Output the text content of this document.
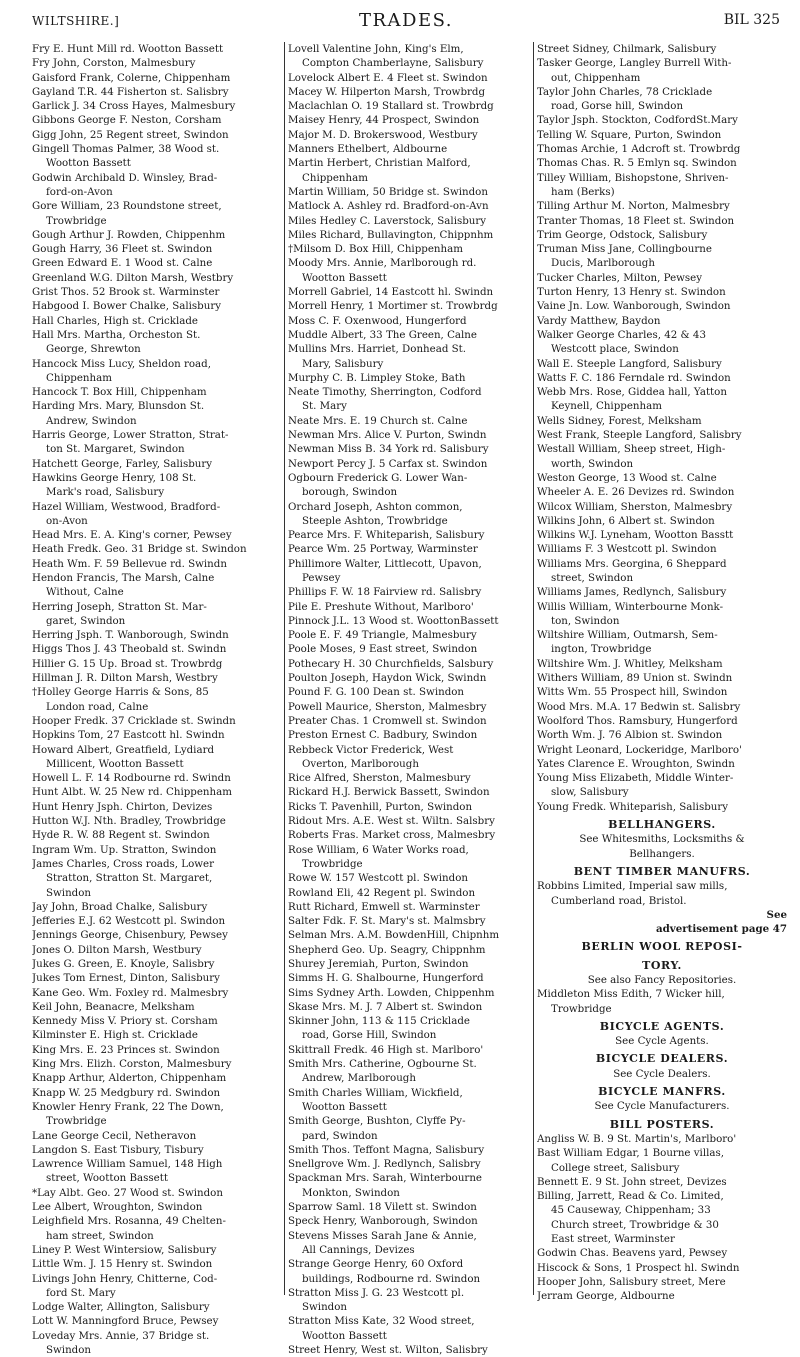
WILTSHIRE.]	TRADES.	BIL 325
Fry E. Hunt Mill rd. Wootton Bassett
Fry John, Corston, Malmesbury
Gaisford Frank, Colerne, Chippenham
Gayland T.R. 44 Fisherton st. Salisbry
Garlick J. 34 Cross Hayes, Malmesbury
Gibbons George F. Neston, Corsham
Gigg John, 25 Regent street, Swindon
Gingell Thomas Palmer, 38 Wood st.
Wootton Bassett
Godwin Archibald D. Winsley, Brad-
ford-on-Avon
Gore William, 23 Roundstone street,
Trowbridge
Gough Arthur J. Rowden, Chippenhm
Gough Harry, 36 Fleet st. Swindon
Green Edward E. 1 Wood st. Calne
Greenland W.G. Dilton Marsh, Westbry
Grist Thos. 52 Brook st. Warminster
Habgood I. Bower Chalke, Salisbury
Hall Charles, High st. Cricklade
Hall Mrs. Martha, Orcheston St.
George, Shrewton
Hancock Miss Lucy, Sheldon road,
Chippenham
Hancock T. Box Hill, Chippenham
Harding Mrs. Mary, Blunsdon St.
Andrew, Swindon
Harris George, Lower Stratton, Strat-
ton St. Margaret, Swindon
Hatchett George, Farley, Salisbury
Hawkins George Henry, 108 St.
Mark's road, Salisbury
Hazel William, Westwood, Bradford-
on-Avon
Head Mrs. E. A. King's corner, Pewsey
Heath Fredk. Geo. 31 Bridge st. Swindon
Heath Wm. F. 59 Bellevue rd. Swindn
Hendon Francis, The Marsh, Calne
Without, Calne
Herring Joseph, Stratton St. Mar-
garet, Swindon
Herring Jsph. T. Wanborough, Swindn
Higgs Thos J. 43 Theobald st. Swindn
Hillier G. 15 Up. Broad st. Trowbrdg
Hillman J. R. Dilton Marsh, Westbry
†Holley George Harris & Sons, 85
London road, Calne
Hooper Fredk. 37 Cricklade st. Swindn
Hopkins Tom, 27 Eastcott hl. Swindn
Howard Albert, Greatfield, Lydiard
Millicent, Wootton Bassett
Howell L. F. 14 Rodbourne rd. Swindn
Hunt Albt. W. 25 New rd. Chippenham
Hunt Henry Jsph. Chirton, Devizes
Hutton W.J. Nth. Bradley, Trowbridge
Hyde R. W. 88 Regent st. Swindon
Ingram Wm. Up. Stratton, Swindon
James Charles, Cross roads, Lower
Stratton, Stratton St. Margaret,
Swindon
Jay John, Broad Chalke, Salisbury
Jefferies E.J. 62 Westcott pl. Swindon
Jennings George, Chisenbury, Pewsey
Jones O. Dilton Marsh, Westbury
Jukes G. Green, E. Knoyle, Salisbry
Jukes Tom Ernest, Dinton, Salisbury
Kane Geo. Wm. Foxley rd. Malmesbry
Keil John, Beanacre, Melksham
Kennedy Miss V. Priory st. Corsham
Kilminster E. High st. Cricklade
King Mrs. E. 23 Princes st. Swindon
King Mrs. Elizh. Corston, Malmesbury
Knapp Arthur, Alderton, Chippenham
Knapp W. 25 Medgbury rd. Swindon
Knowler Henry Frank, 22 The Down,
Trowbridge
Lane George Cecil, Netheravon
Langdon S. East Tisbury, Tisbury
Lawrence William Samuel, 148 High
street, Wootton Bassett
*Lay Albt. Geo. 27 Wood st. Swindon
Lee Albert, Wroughton, Swindon
Leighfield Mrs. Rosanna, 49 Chelten-
ham street, Swindon
Liney P. West Wintersiow, Salisbury
Little Wm. J. 15 Henry st. Swindon
Livings John Henry, Chitterne, Cod-
ford St. Mary
Lodge Walter, Allington, Salisbury
Lott W. Manningford Bruce, Pewsey
Loveday Mrs. Annie, 37 Bridge st.
Swindon
Lovell Valentine John, King's Elm,
Compton Chamberlayne, Salisbury
Lovelock Albert E. 4 Fleet st. Swindon
Macey W. Hilperton Marsh, Trowbrdg
Maclachlan O. 19 Stallard st. Trowbrdg
Maisey Henry, 44 Prospect, Swindon
Major M. D. Brokerswood, Westbury
Manners Ethelbert, Aldbourne
Martin Herbert, Christian Malford,
Chippenham
Martin William, 50 Bridge st. Swindon
Matlock A. Ashley rd. Bradford-on-Avn
Miles Hedley C. Laverstock, Salisbury
Miles Richard, Bullavington, Chippnhm
†Milsom D. Box Hill, Chippenham
Moody Mrs. Annie, Marlborough rd.
Wootton Bassett
Morrell Gabriel, 14 Eastcott hl. Swindn
Morrell Henry, 1 Mortimer st. Trowbrdg
Moss C. F. Oxenwood, Hungerford
Muddle Albert, 33 The Green, Calne
Mullins Mrs. Harriet, Donhead St.
Mary, Salisbury
Murphy C. B. Limpley Stoke, Bath
Neate Timothy, Sherrington, Codford
St. Mary
Neate Mrs. E. 19 Church st. Calne
Newman Mrs. Alice V. Purton, Swindn
Newman Miss B. 34 York rd. Salisbury
Newport Percy J. 5 Carfax st. Swindon
Ogbourn Frederick G. Lower Wan-
borough, Swindon
Orchard Joseph, Ashton common,
Steeple Ashton, Trowbridge
Pearce Mrs. F. Whiteparish, Salisbury
Pearce Wm. 25 Portway, Warminster
Phillimore Walter, Littlecott, Upavon,
Pewsey
Phillips F. W. 18 Fairview rd. Salisbry
Pile E. Preshute Without, Marlboro'
Pinnock J.L. 13 Wood st. WoottonBassett
Poole E. F. 49 Triangle, Malmesbury
Poole Moses, 9 East street, Swindon
Pothecary H. 30 Churchfields, Salsbury
Poulton Joseph, Haydon Wick, Swindn
Pound F. G. 100 Dean st. Swindon
Powell Maurice, Sherston, Malmesbry
Preater Chas. 1 Cromwell st. Swindon
Preston Ernest C. Badbury, Swindon
Rebbeck Victor Frederick, West
Overton, Marlborough
Rice Alfred, Sherston, Malmesbury
Rickard H.J. Berwick Bassett, Swindon
Ricks T. Pavenhill, Purton, Swindon
Ridout Mrs. A.E. West st. Wiltn. Salsbry
Roberts Fras. Market cross, Malmesbry
Rose William, 6 Water Works road,
Trowbridge
Rowe W. 157 Westcott pl. Swindon
Rowland Eli, 42 Regent pl. Swindon
Rutt Richard, Emwell st. Warminster
Salter Fdk. F. St. Mary's st. Malmsbry
Selman Mrs. A.M. BowdenHill, Chipnhm
Shepherd Geo. Up. Seagry, Chippnhm
Shurey Jeremiah, Purton, Swindon
Simms H. G. Shalbourne, Hungerford
Sims Sydney Arth. Lowden, Chippenhm
Skase Mrs. M. J. 7 Albert st. Swindon
Skinner John, 113 & 115 Cricklade
road, Gorse Hill, Swindon
Skittrall Fredk. 46 High st. Marlboro'
Smith Mrs. Catherine, Ogbourne St.
Andrew, Marlborough
Smith Charles William, Wickfield,
Wootton Bassett
Smith George, Bushton, Clyffe Py-
pard, Swindon
Smith Thos. Teffont Magna, Salisbury
Snellgrove Wm. J. Redlynch, Salisbry
Spackman Mrs. Sarah, Winterbourne
Monkton, Swindon
Sparrow Saml. 18 Vilett st. Swindon
Speck Henry, Wanborough, Swindon
Stevens Misses Sarah Jane & Annie,
All Cannings, Devizes
Strange George Henry, 60 Oxford
buildings, Rodbourne rd. Swindon
Stratton Miss J. G. 23 Westcott pl.
Swindon
Stratton Miss Kate, 32 Wood street,
Wootton Bassett
Street Henry, West st. Wilton, Salisbry
Street Sidney, Chilmark, Salisbury
Tasker George, Langley Burrell With-
out, Chippenham
Taylor John Charles, 78 Cricklade
road, Gorse hill, Swindon
Taylor Jsph. Stockton, CodfordSt.Mary
Telling W. Square, Purton, Swindon
Thomas Archie, 1 Adcroft st. Trowbrdg
Thomas Chas. R. 5 Emlyn sq. Swindon
Tilley William, Bishopstone, Shriven-
ham (Berks)
Tilling Arthur M. Norton, Malmesbry
Tranter Thomas, 18 Fleet st. Swindon
Trim George, Odstock, Salisbury
Truman Miss Jane, Collingbourne
Ducis, Marlborough
Tucker Charles, Milton, Pewsey
Turton Henry, 13 Henry st. Swindon
Vaine Jn. Low. Wanborough, Swindon
Vardy Matthew, Baydon
Walker George Charles, 42 & 43
Westcott place, Swindon
Wall E. Steeple Langford, Salisbury
Watts F. C. 186 Ferndale rd. Swindon
Webb Mrs. Rose, Giddea hall, Yatton
Keynell, Chippenham
Wells Sidney, Forest, Melksham
West Frank, Steeple Langford, Salisbry
Westall William, Sheep street, High-
worth, Swindon
Weston George, 13 Wood st. Calne
Wheeler A. E. 26 Devizes rd. Swindon
Wilcox William, Sherston, Malmesbry
Wilkins John, 6 Albert st. Swindon
Wilkins W.J. Lyneham, Wootton Basstt
Williams F. 3 Westcott pl. Swindon
Williams Mrs. Georgina, 6 Sheppard
street, Swindon
Williams James, Redlynch, Salisbury
Willis William, Winterbourne Monk-
ton, Swindon
Wiltshire William, Outmarsh, Sem-
ington, Trowbridge
Wiltshire Wm. J. Whitley, Melksham
Withers William, 89 Union st. Swindn
Witts Wm. 55 Prospect hill, Swindon
Wood Mrs. M.A. 17 Bedwin st. Salisbry
Woolford Thos. Ramsbury, Hungerford
Worth Wm. J. 76 Albion st. Swindon
Wright Leonard, Lockeridge, Marlboro'
Yates Clarence E. Wroughton, Swindn
Young Miss Elizabeth, Middle Winter-
slow, Salisbury
Young Fredk. Whiteparish, Salisbury
BELLHANGERS.
See Whitesmiths, Locksmiths &
Bellhangers.
BENT TIMBER MANUFRS.
Robbins Limited, Imperial saw mills,
Cumberland road, Bristol.
See
advertisement page 47
BERLIN WOOL REPOSI-
TORY.
See also Fancy Repositories.
Middleton Miss Edith, 7 Wicker hill,
Trowbridge
BICYCLE AGENTS.
See Cycle Agents.
BICYCLE DEALERS.
See Cycle Dealers.
BICYCLE MANFRS.
See Cycle Manufacturers.
BILL POSTERS.
Angliss W. B. 9 St. Martin's, Marlboro'
Bast William Edgar, 1 Bourne villas,
College street, Salisbury
Bennett E. 9 St. John street, Devizes
Billing, Jarrett, Read & Co. Limited,
45 Causeway, Chippenham; 33
Church street, Trowbridge & 30
East street, Warminster
Godwin Chas. Beavens yard, Pewsey
Hiscock & Sons, 1 Prospect hl. Swindn
Hooper John, Salisbury street, Mere
Jerram George, Aldbourne
